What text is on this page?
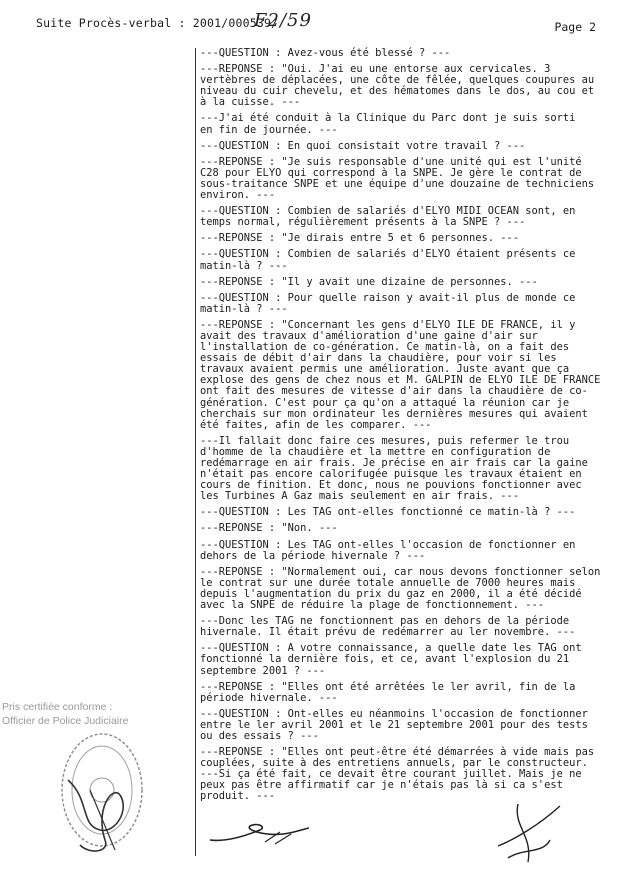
Suite Procès-verbal : 2001/000539/
F2/59	Page 2
---QUESTION : Avez-vous été blessé ? ---
---REPONSE : "Oui. J'ai eu une entorse aux cervicales. 3
vertèbres de déplacées, une côte de fêlée, quelques coupures au
niveau du cuir chevelu, et des hématomes dans le dos, au cou et
à la cuisse. ---
---J'ai été conduit à la Clinique du Parc dont je suis sorti
en fin de journée. ---
---QUESTION : En quoi consistait votre travail ? ---
---REPONSE : "Je suis responsable d'une unité qui est l'unité
C28 pour ELYO qui correspond à la SNPE. Je gère le contrat de
sous-traitance SNPE et une équipe d'une douzaine de techniciens
environ. ---
---QUESTION : Combien de salariés d'ELYO MIDI OCEAN sont, en
temps normal, régulièrement présents à la SNPE ? ---
---REPONSE : "Je dirais entre 5 et 6 personnes. ---
---QUESTION : Combien de salariés d'ELYO étaient présents ce
matin-là ? ---
---REPONSE : "Il y avait une dizaine de personnes. ---
---QUESTION : Pour quelle raison y avait-il plus de monde ce
matin-là ? ---
---REPONSE : "Concernant les gens d'ELYO ILE DE FRANCE, il y
avait des travaux d'amélioration d'une gaine d'air sur
l'installation de co-génération. Ce matin-là, on a fait des
essais de débit d'air dans la chaudière, pour voir si les
travaux avaient permis une amélioration. Juste avant que ça
explose des gens de chez nous et M. GALPIN de ELYO ILE DE FRANCE
ont fait des mesures de vitesse d'air dans la chaudière de co-
génération. C'est pour ça qu'on a attaqué la réunion car je
cherchais sur mon ordinateur les dernières mesures qui avaient
été faites, afin de les comparer. ---
---Il fallait donc faire ces mesures, puis refermer le trou
d'homme de la chaudière et la mettre en configuration de
redémarrage en air frais. Je précise en air frais car la gaine
n'était pas encore calorifugée puisque les travaux étaient en
cours de finition. Et donc, nous ne pouvions fonctionner avec
les Turbines A Gaz mais seulement en air frais. ---
---QUESTION : Les TAG ont-elles fonctionné ce matin-là ? ---
---REPONSE : "Non. ---
---QUESTION : Les TAG ont-elles l'occasion de fonctionner en
dehors de la période hivernale ? ---
---REPONSE : "Normalement oui, car nous devons fonctionner selon
le contrat sur une durée totale annuelle de 7000 heures mais
depuis l'augmentation du prix du gaz en 2000, il a été décidé
avec la SNPE de réduire la plage de fonctionnement. ---
---Donc les TAG ne fonctionnent pas en dehors de la période
hivernale. Il était prévu de redémarrer au ler novembre. ---
---QUESTION : A votre connaissance, a quelle date les TAG ont
fonctionné la dernière fois, et ce, avant l'explosion du 21
septembre 2001 ? ---
---REPONSE : "Elles ont été arrêtées le ler avril, fin de la
période hivernale. ---
---QUESTION : Ont-elles eu néanmoins l'occasion de fonctionner
entre le ler avril 2001 et le 21 septembre 2001 pour des tests
ou des essais ? ---
---REPONSE : "Elles ont peut-être été démarrées à vide mais pas
couplées, suite à des entretiens annuels, par le constructeur.
---Si ça été fait, ce devait être courant juillet. Mais je ne
peux pas être affirmatif car je n'étais pas là si ca s'est
produit. ---
Pris certifiée conforme :
Officier de Police Judiciaire
